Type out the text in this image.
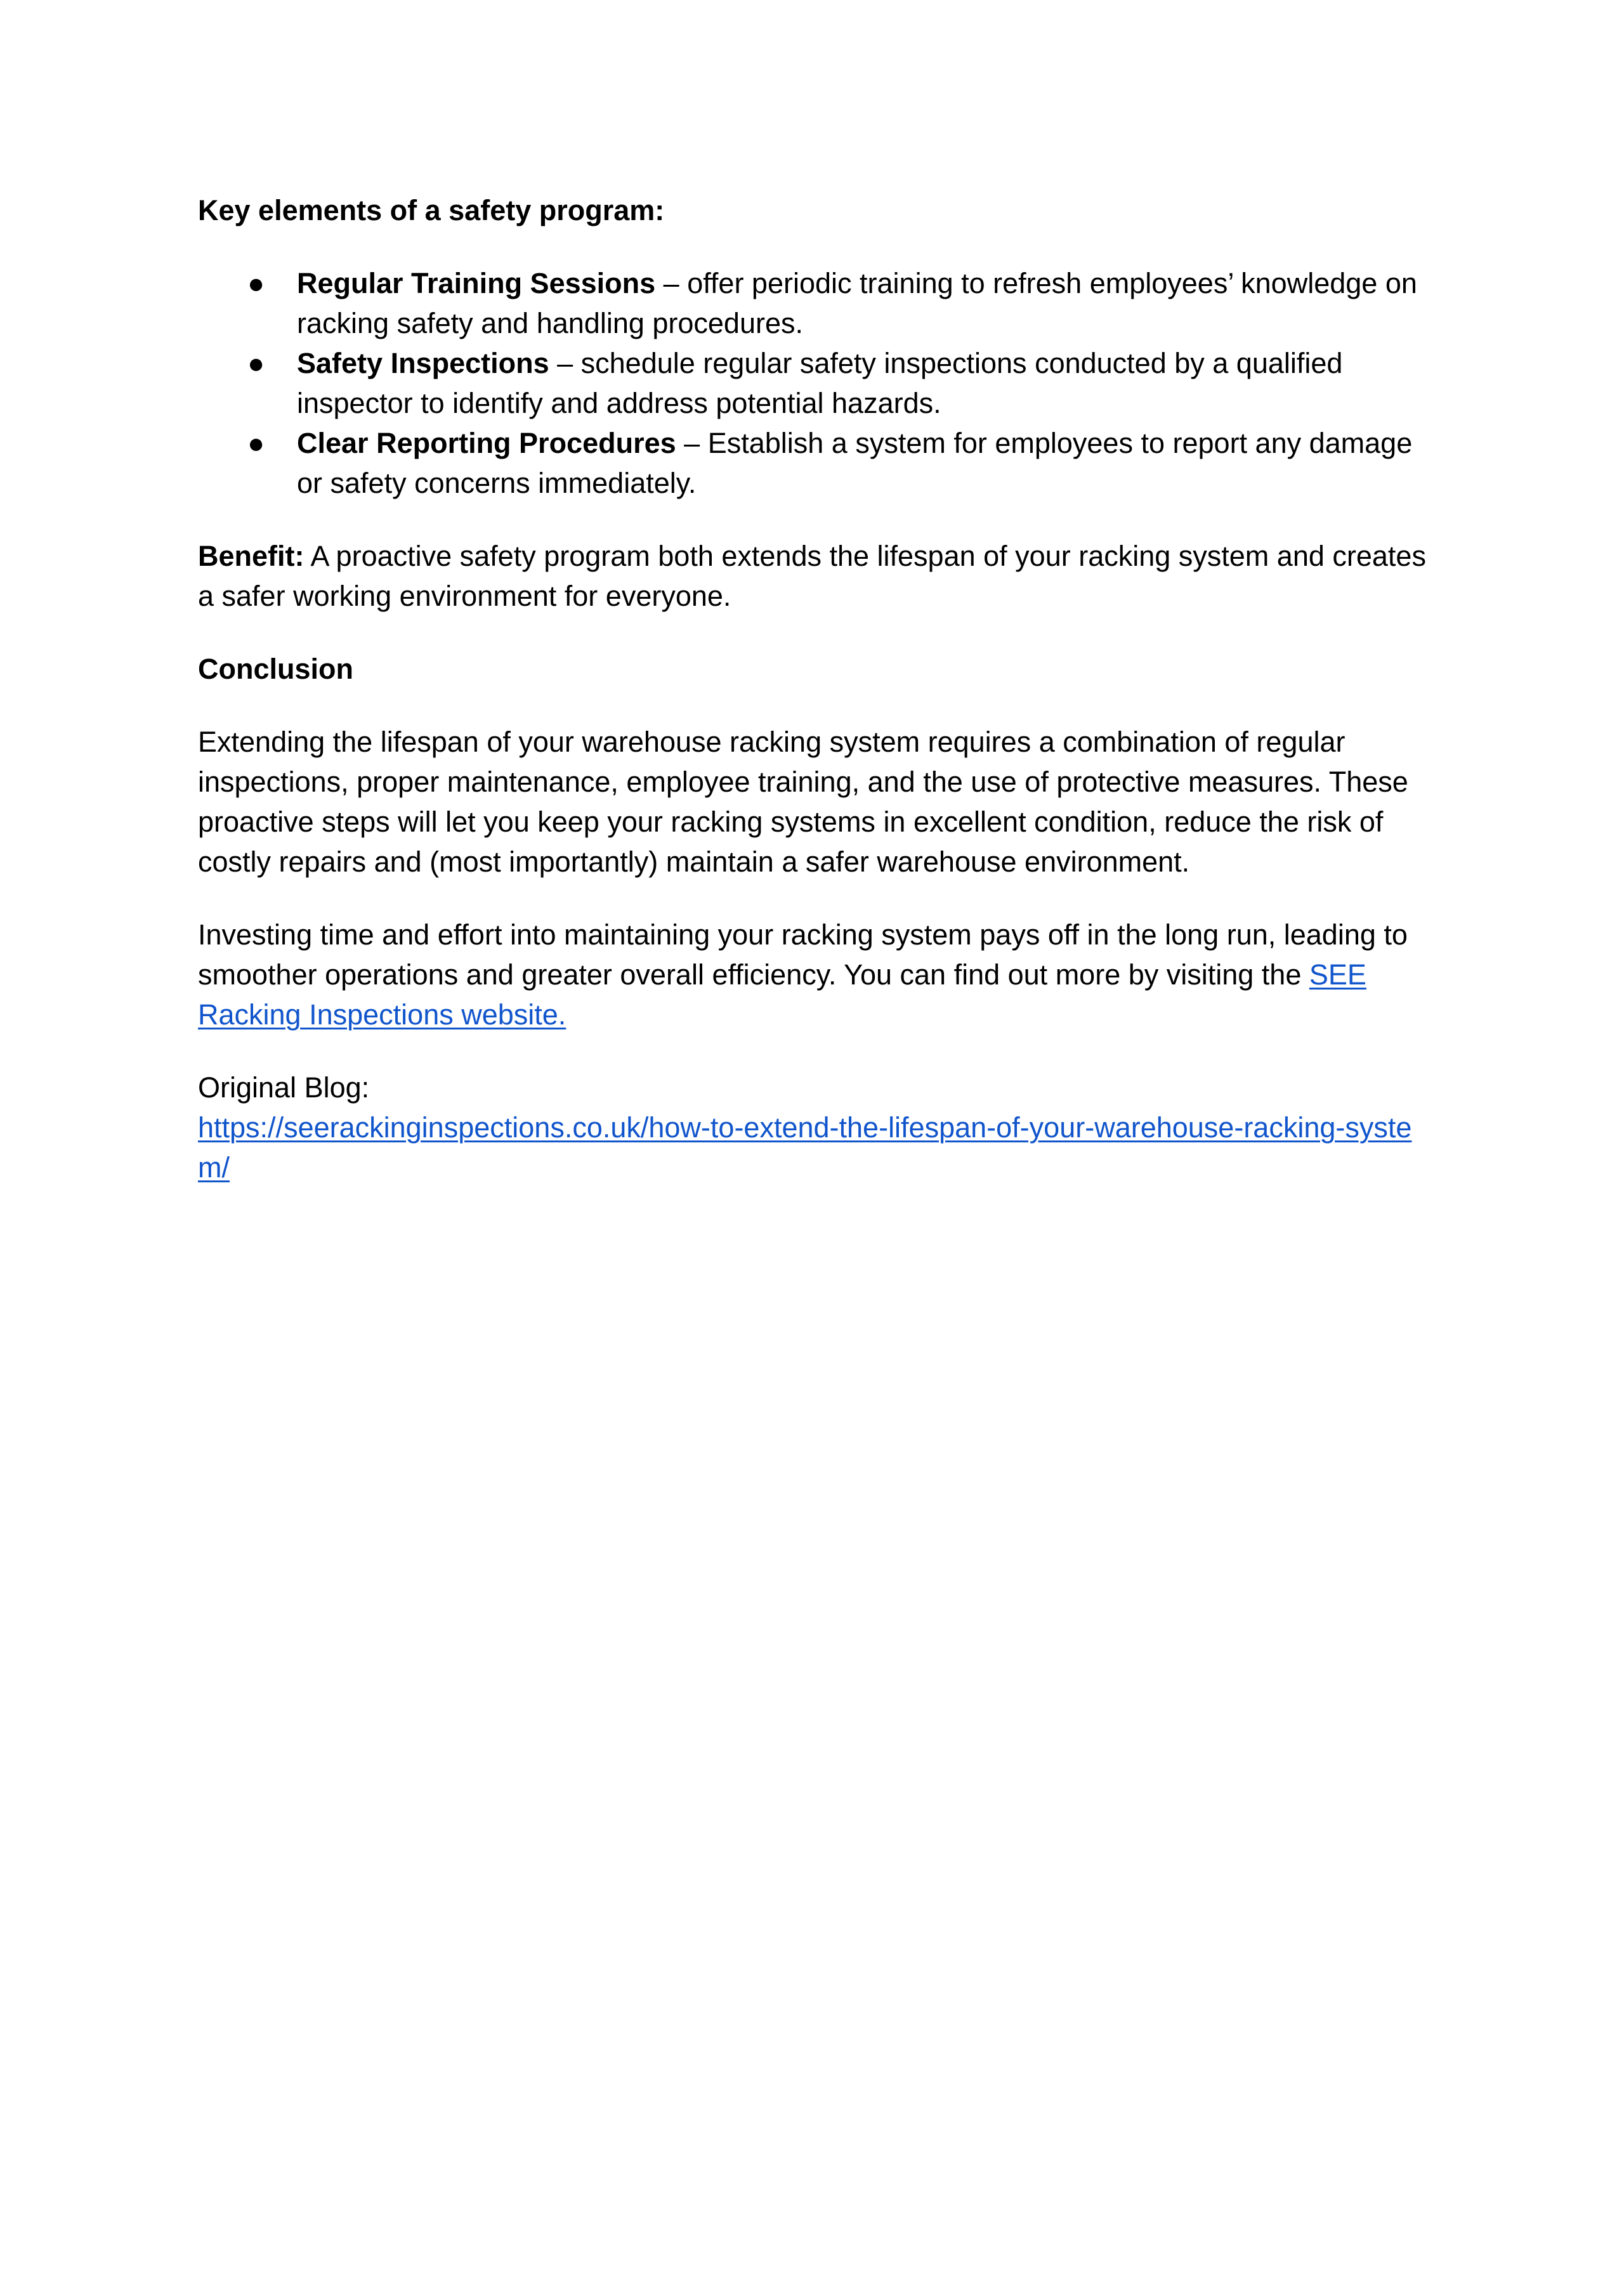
Key elements of a safety program:
● Regular Training Sessions – offer periodic training to refresh employees’ knowledge on racking safety and handling procedures.
● Safety Inspections – schedule regular safety inspections conducted by a qualified inspector to identify and address potential hazards.
● Clear Reporting Procedures – Establish a system for employees to report any damage or safety concerns immediately.

Benefit: A proactive safety program both extends the lifespan of your racking system and creates a safer working environment for everyone.

Conclusion

Extending the lifespan of your warehouse racking system requires a combination of regular inspections, proper maintenance, employee training, and the use of protective measures. These proactive steps will let you keep your racking systems in excellent condition, reduce the risk of costly repairs and (most importantly) maintain a safer warehouse environment.

Investing time and effort into maintaining your racking system pays off in the long run, leading to smoother operations and greater overall efficiency. You can find out more by visiting the SEE Racking Inspections website.

Original Blog:
https://seerackinginspections.co.uk/how-to-extend-the-lifespan-of-your-warehouse-racking-system/
